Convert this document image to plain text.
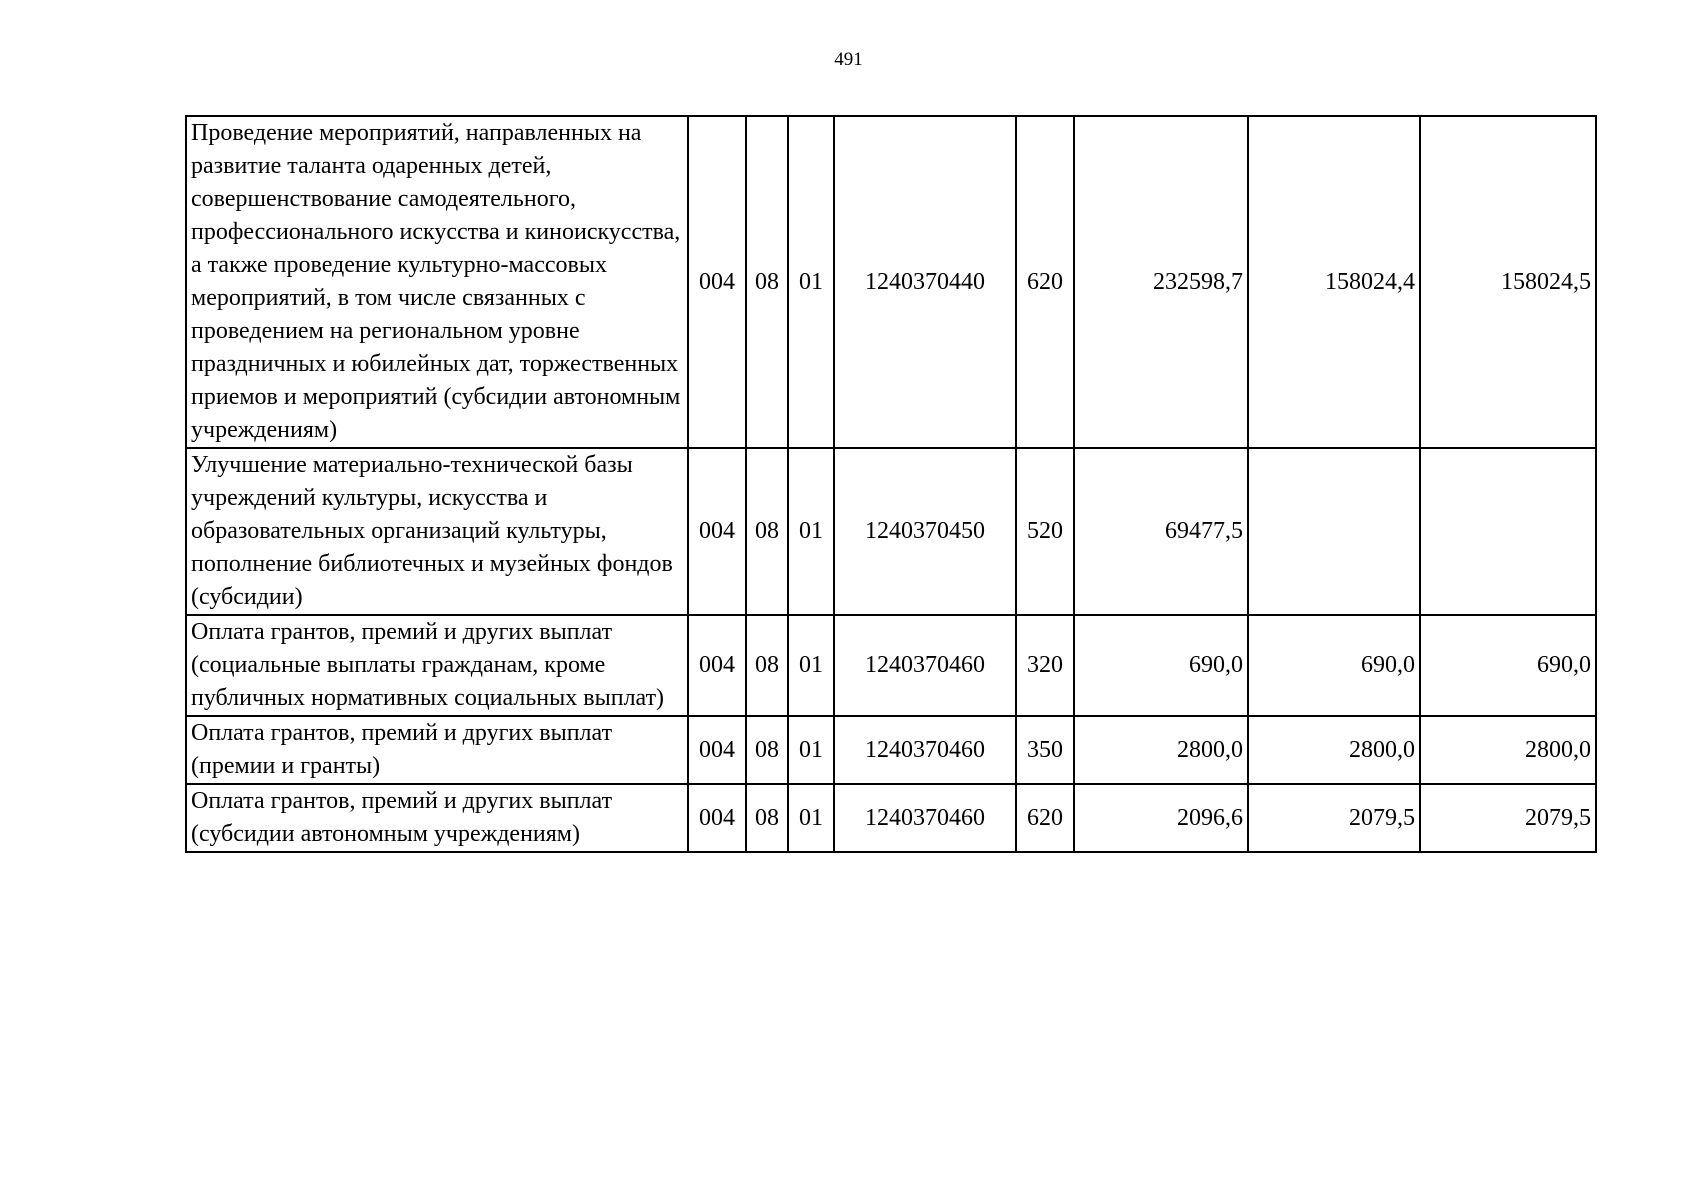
491
Проведение мероприятий, направленных на развитие таланта одаренных детей, совершенствование самодеятельного, профессионального искусства и киноискусства, а также проведение культурно-массовых мероприятий, в том числе связанных с проведением на региональном уровне праздничных и юбилейных дат, торжественных приемов и мероприятий (субсидии автономным учреждениям)	004	08	01	1240370440	620	232598,7	158024,4	158024,5
Улучшение материально-технической базы учреждений культуры, искусства и образовательных организаций культуры, пополнение библиотечных и музейных фондов (субсидии)	004	08	01	1240370450	520	69477,5		
Оплата грантов, премий и других выплат (социальные выплаты гражданам, кроме публичных нормативных социальных выплат)	004	08	01	1240370460	320	690,0	690,0	690,0
Оплата грантов, премий и других выплат (премии и гранты)	004	08	01	1240370460	350	2800,0	2800,0	2800,0
Оплата грантов, премий и других выплат (субсидии автономным учреждениям)	004	08	01	1240370460	620	2096,6	2079,5	2079,5
